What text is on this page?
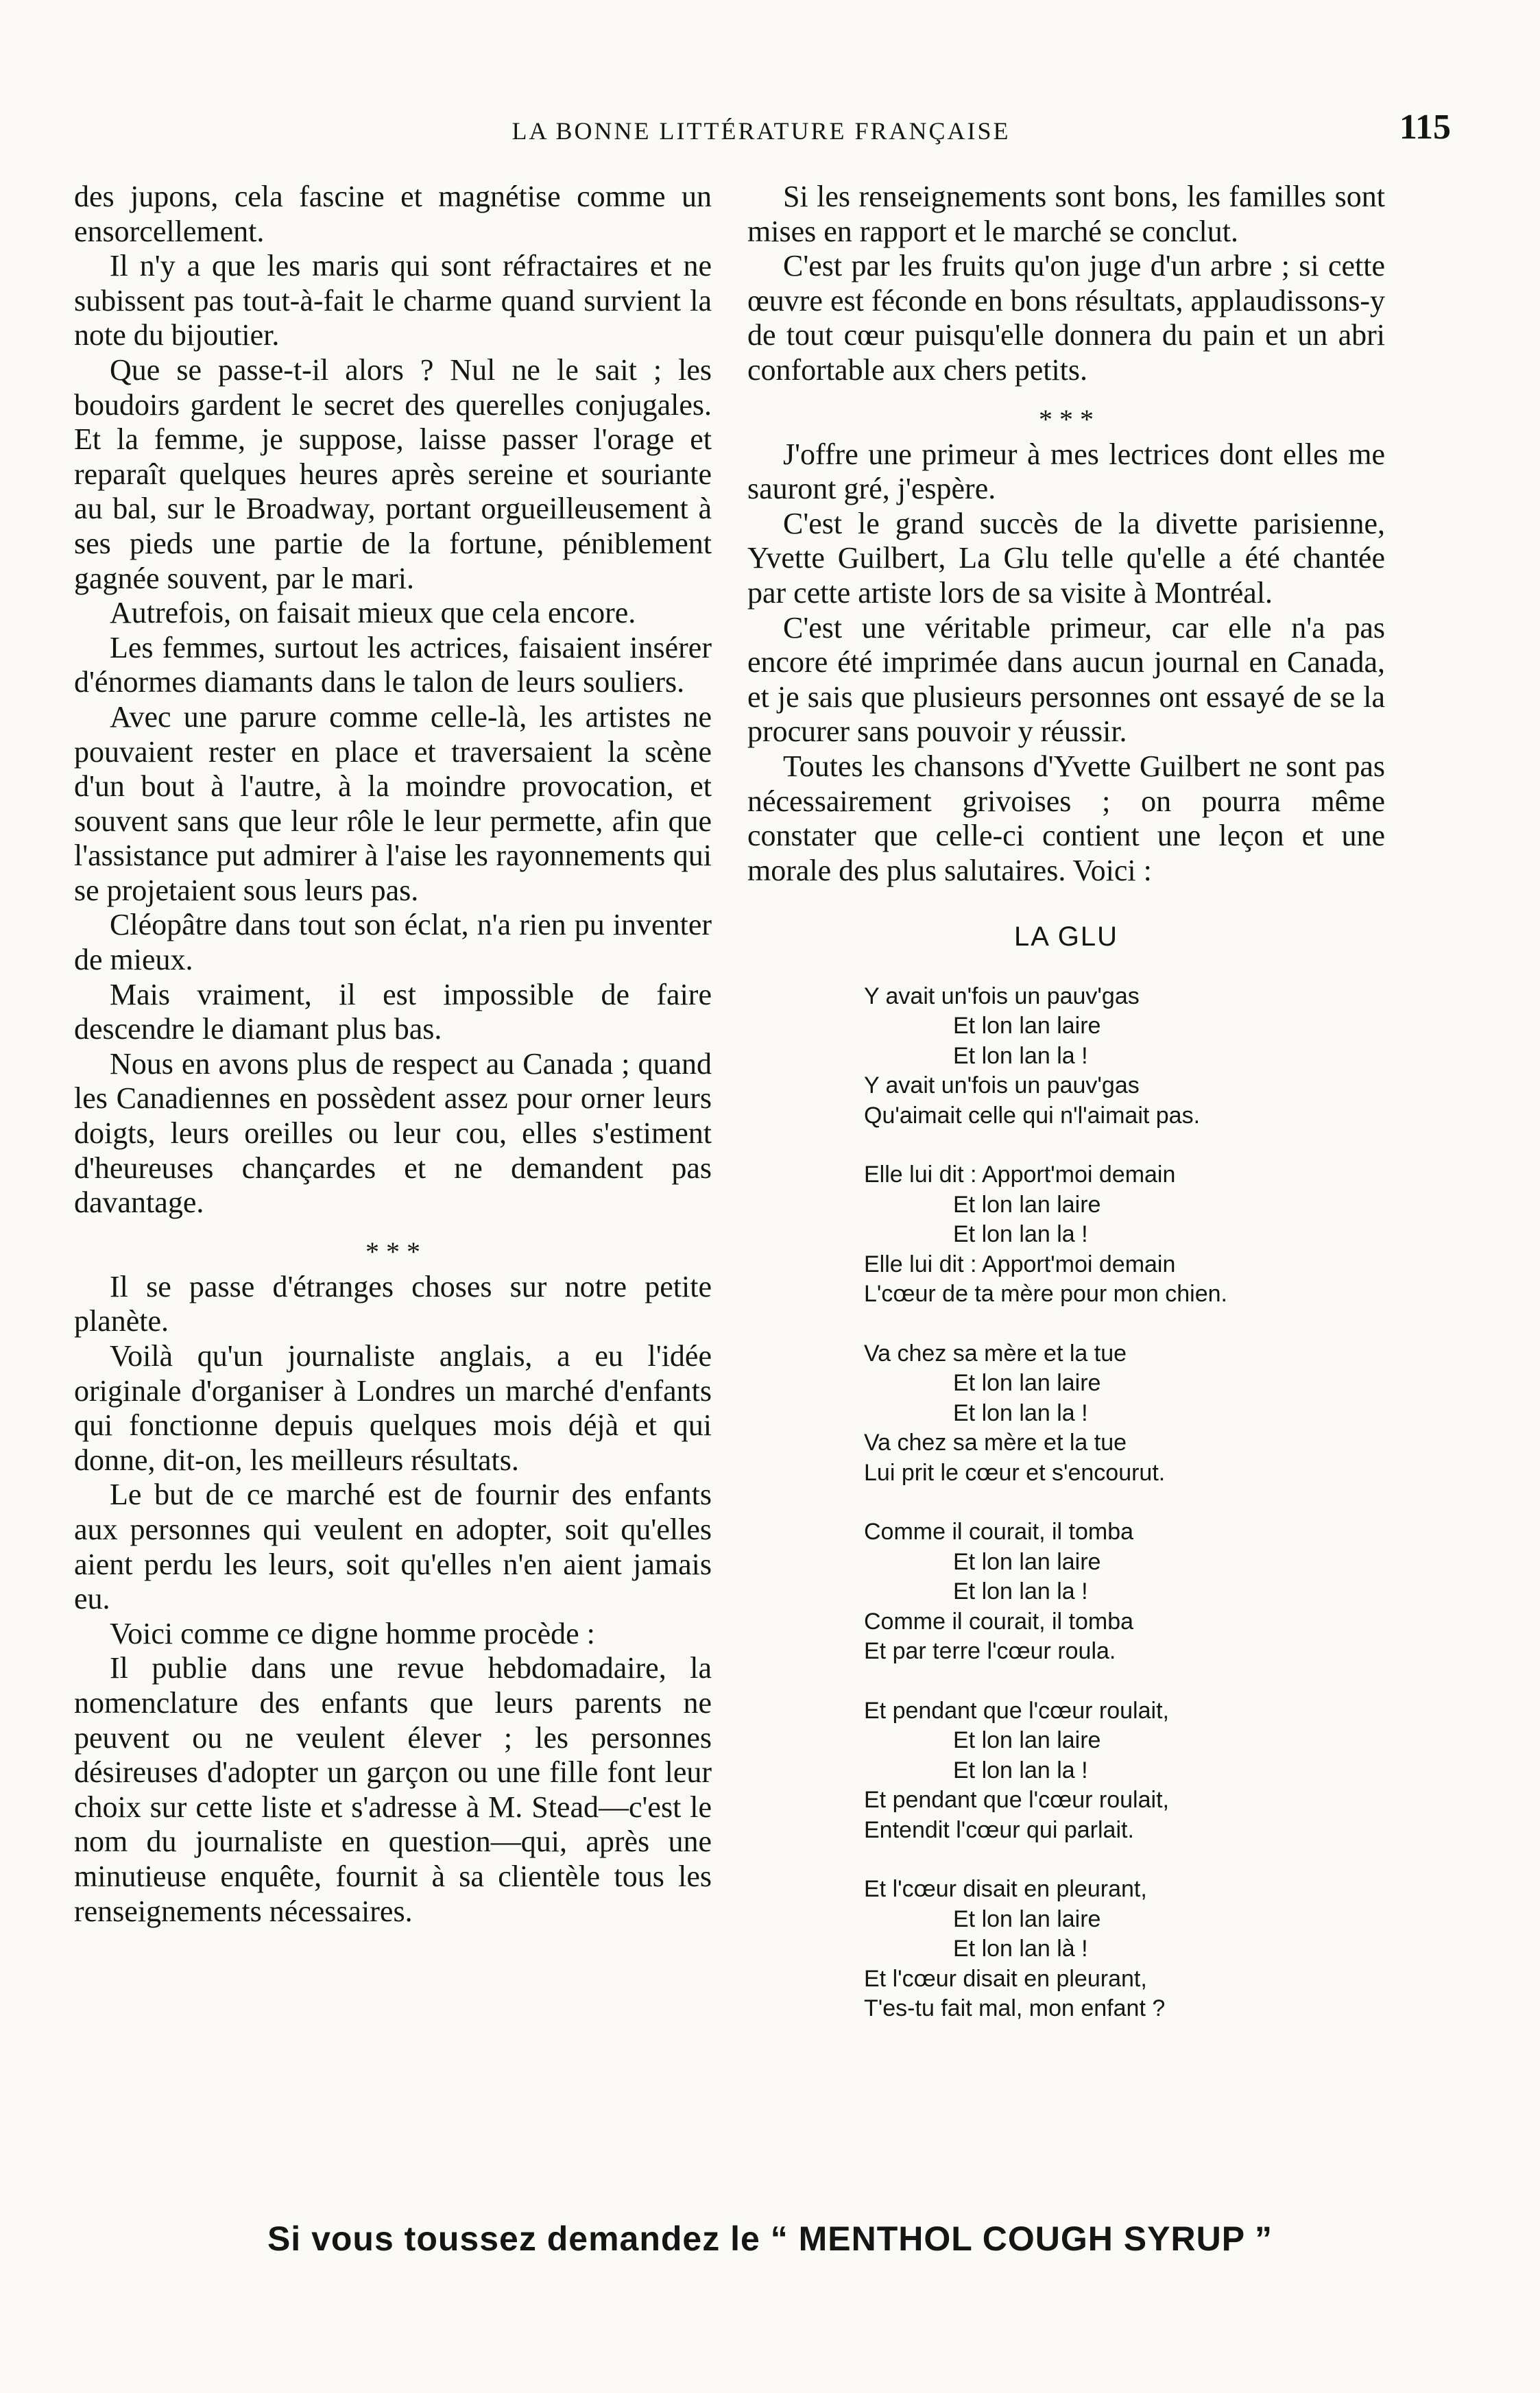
LA BONNE LITTÉRATURE FRANÇAISE	115

des jupons, cela fascine et magnétise comme un ensorcellement.

Il n'y a que les maris qui sont réfractaires et ne subissent pas tout-à-fait le charme quand survient la note du bijoutier.

Que se passe-t-il alors ? Nul ne le sait ; les boudoirs gardent le secret des querelles conjugales. Et la femme, je suppose, laisse passer l'orage et reparaît quelques heures après sereine et souriante au bal, sur le Broadway, portant orgueilleusement à ses pieds une partie de la fortune, péniblement gagnée souvent, par le mari.

Autrefois, on faisait mieux que cela encore.

Les femmes, surtout les actrices, faisaient insérer d'énormes diamants dans le talon de leurs souliers.

Avec une parure comme celle-là, les artistes ne pouvaient rester en place et traversaient la scène d'un bout à l'autre, à la moindre provocation, et souvent sans que leur rôle le leur permette, afin que l'assistance put admirer à l'aise les rayonnements qui se projetaient sous leurs pas.

Cléopâtre dans tout son éclat, n'a rien pu inventer de mieux.

Mais vraiment, il est impossible de faire descendre le diamant plus bas.

Nous en avons plus de respect au Canada ; quand les Canadiennes en possèdent assez pour orner leurs doigts, leurs oreilles ou leur cou, elles s'estiment d'heureuses chançardes et ne demandent pas davantage.

* * *

Il se passe d'étranges choses sur notre petite planète.

Voilà qu'un journaliste anglais, a eu l'idée originale d'organiser à Londres un marché d'enfants qui fonctionne depuis quelques mois déjà et qui donne, dit-on, les meilleurs résultats.

Le but de ce marché est de fournir des enfants aux personnes qui veulent en adopter, soit qu'elles aient perdu les leurs, soit qu'elles n'en aient jamais eu.

Voici comme ce digne homme procède :

Il publie dans une revue hebdomadaire, la nomenclature des enfants que leurs parents ne peuvent ou ne veulent élever ; les personnes désireuses d'adopter un garçon ou une fille font leur choix sur cette liste et s'adresse à M. Stead—c'est le nom du journaliste en question—qui, après une minutieuse enquête, fournit à sa clientèle tous les renseignements nécessaires.

Si les renseignements sont bons, les familles sont mises en rapport et le marché se conclut.

C'est par les fruits qu'on juge d'un arbre ; si cette œuvre est féconde en bons résultats, applaudissons-y de tout cœur puisqu'elle donnera du pain et un abri confortable aux chers petits.

* * *

J'offre une primeur à mes lectrices dont elles me sauront gré, j'espère.

C'est le grand succès de la divette parisienne, Yvette Guilbert, La Glu telle qu'elle a été chantée par cette artiste lors de sa visite à Montréal.

C'est une véritable primeur, car elle n'a pas encore été imprimée dans aucun journal en Canada, et je sais que plusieurs personnes ont essayé de se la procurer sans pouvoir y réussir.

Toutes les chansons d'Yvette Guilbert ne sont pas nécessairement grivoises ; on pourra même constater que celle-ci contient une leçon et une morale des plus salutaires. Voici :

LA GLU
Y avait un'fois un pauv'gas
Et lon lan laire
Et lon lan la !
Y avait un'fois un pauv'gas
Qu'aimait celle qui n'l'aimait pas.
Elle lui dit : Apport'moi demain
Et lon lan laire
Et lon lan la !
Elle lui dit : Apport'moi demain
L'cœur de ta mère pour mon chien.
Va chez sa mère et la tue
Et lon lan laire
Et lon lan la !
Va chez sa mère et la tue
Lui prit le cœur et s'encourut.
Comme il courait, il tomba
Et lon lan laire
Et lon lan la !
Comme il courait, il tomba
Et par terre l'cœur roula.
Et pendant que l'cœur roulait,
Et lon lan laire
Et lon lan la !
Et pendant que l'cœur roulait,
Entendit l'cœur qui parlait.
Et l'cœur disait en pleurant,
Et lon lan laire
Et lon lan là !
Et l'cœur disait en pleurant,
T'es-tu fait mal, mon enfant ?
Si vous toussez demandez le “ MENTHOL COUGH SYRUP ”
